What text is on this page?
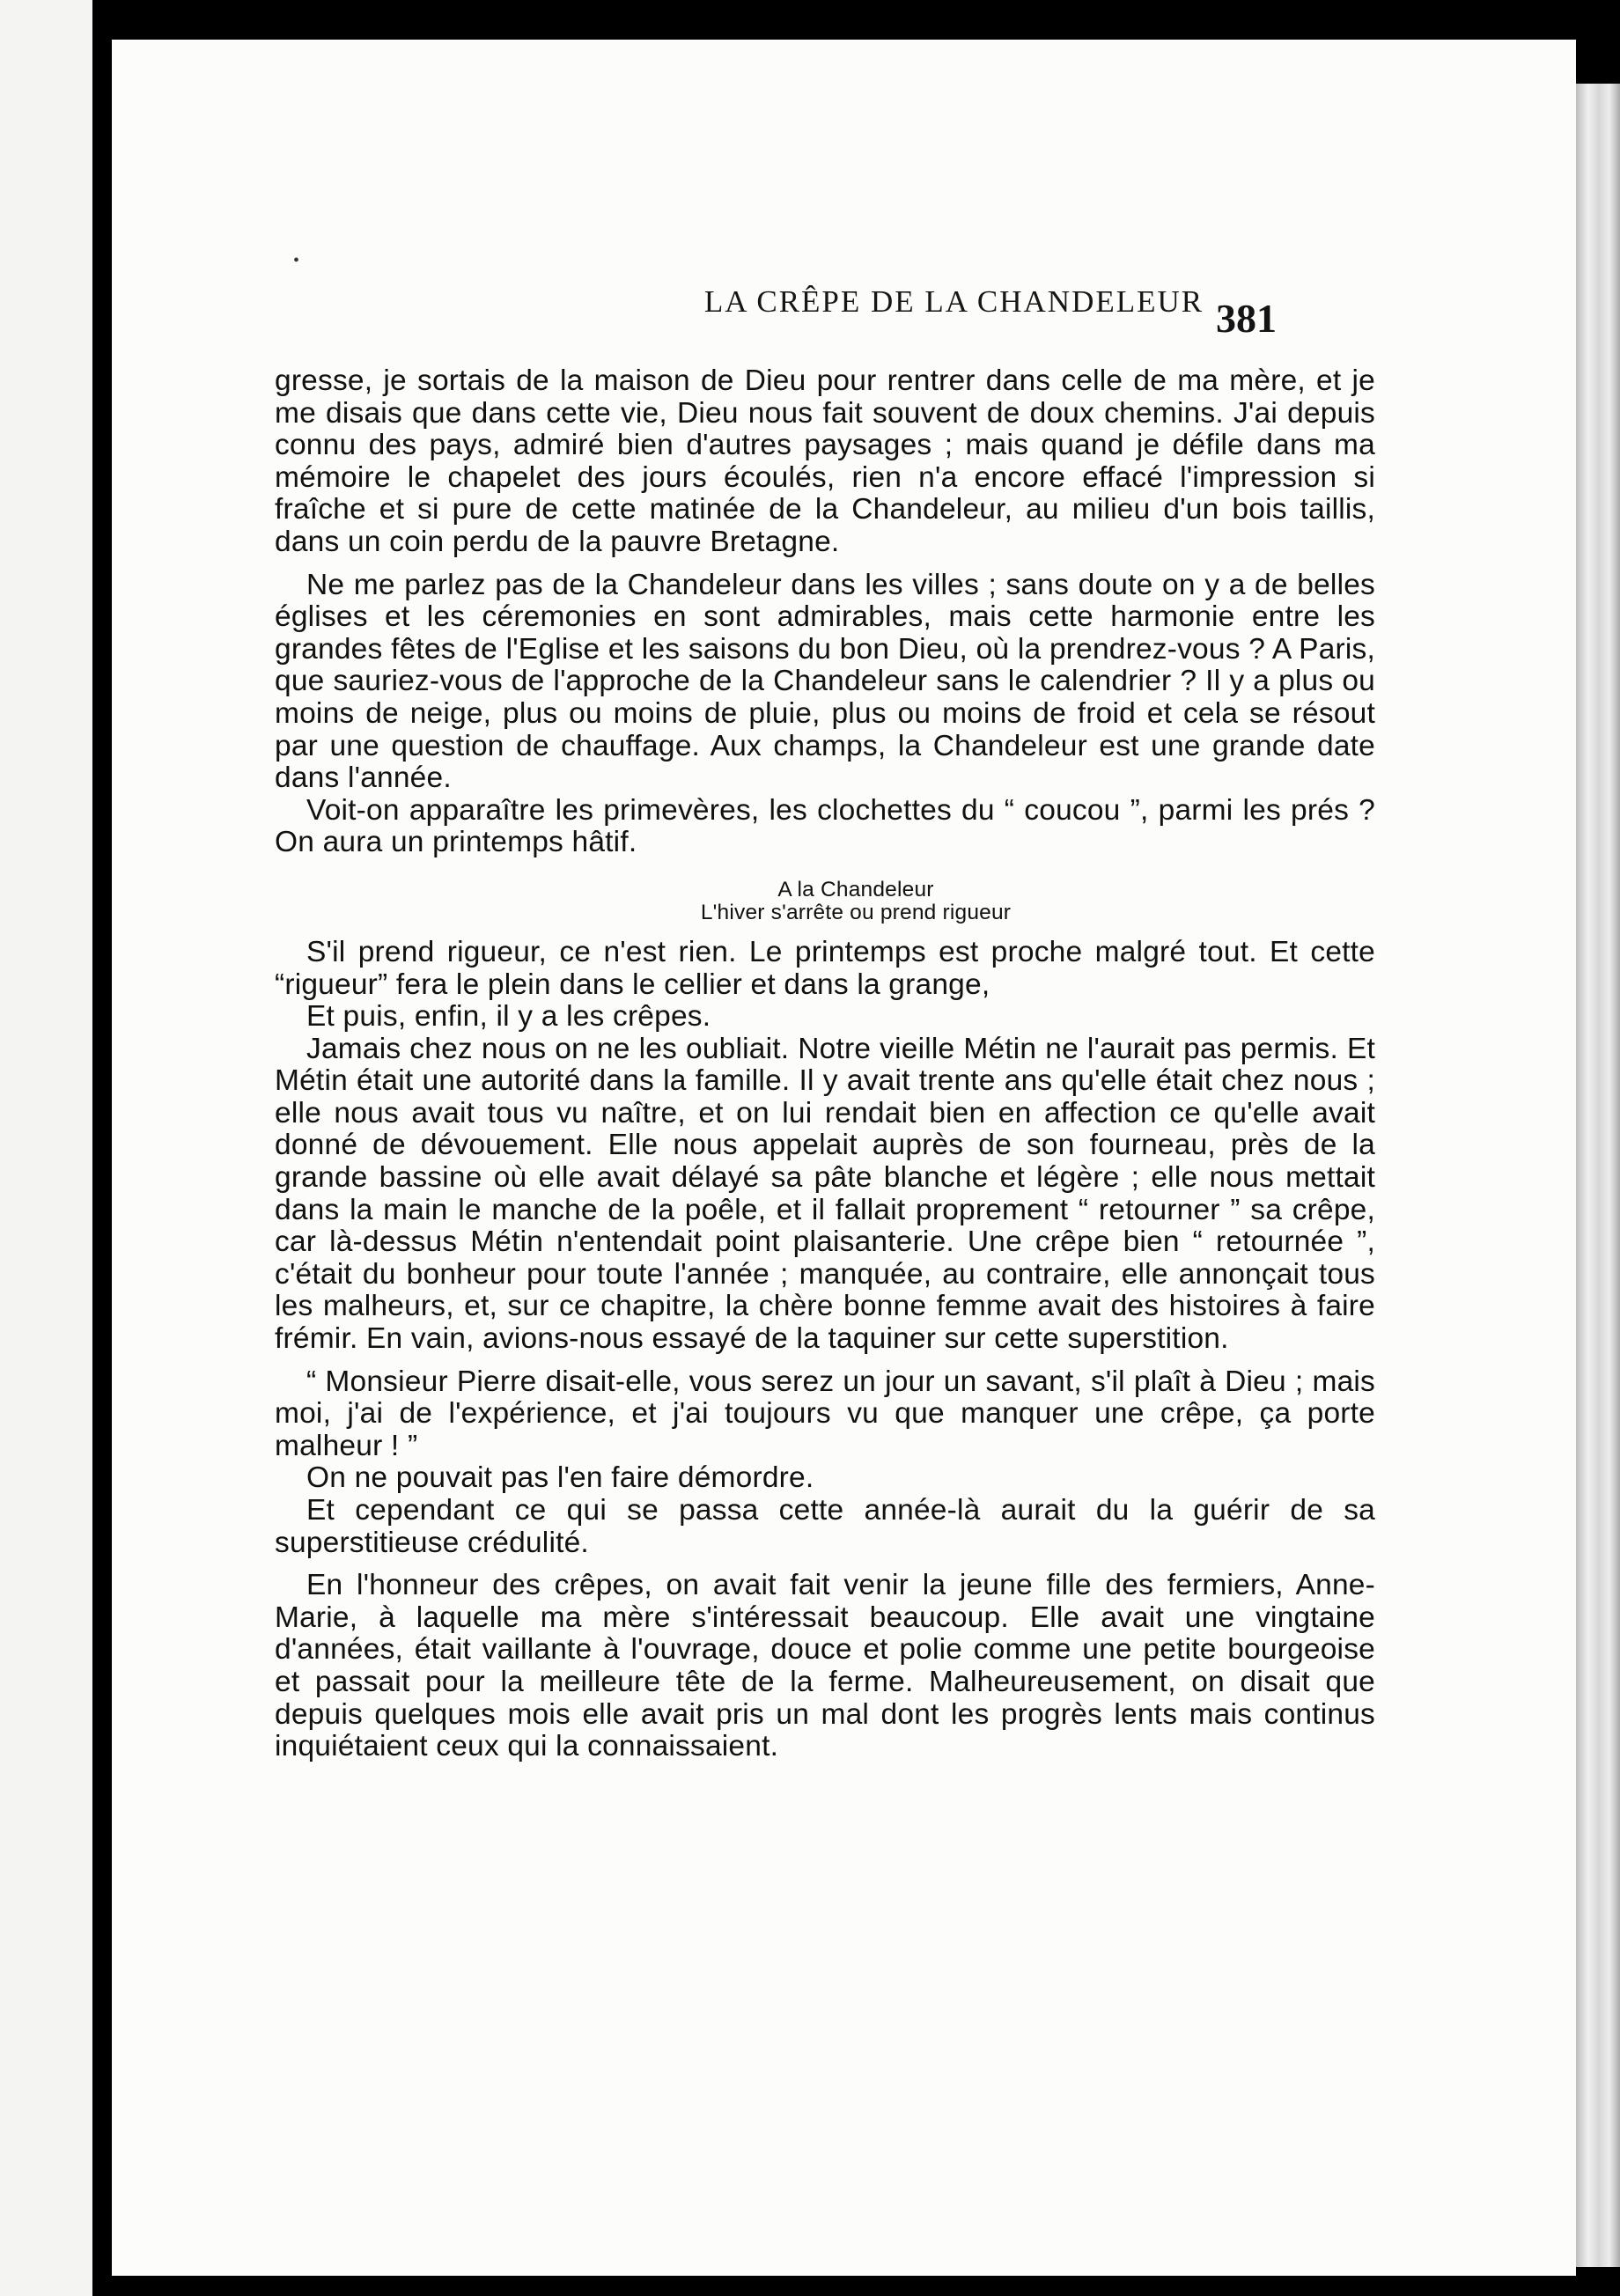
•
LA CRÊPE DE LA CHANDELEUR 381

gresse, je sortais de la maison de Dieu pour rentrer dans celle de ma mère, et je me disais que dans cette vie, Dieu nous fait souvent de doux chemins. J'ai depuis connu des pays, admiré bien d'autres paysages ; mais quand je défile dans ma mémoire le chapelet des jours écoulés, rien n'a encore effacé l'impression si fraîche et si pure de cette matinée de la Chandeleur, au milieu d'un bois taillis, dans un coin perdu de la pauvre Bretagne.

Ne me parlez pas de la Chandeleur dans les villes ; sans doute on y a de belles églises et les céremonies en sont admirables, mais cette harmonie entre les grandes fêtes de l'Eglise et les saisons du bon Dieu, où la prendrez-vous ? A Paris, que sauriez-vous de l'approche de la Chandeleur sans le calendrier ? Il y a plus ou moins de neige, plus ou moins de pluie, plus ou moins de froid et cela se résout par une question de chauffage. Aux champs, la Chandeleur est une grande date dans l'année.

Voit-on apparaître les primevères, les clochettes du “ coucou ”, parmi les prés ? On aura un printemps hâtif.

A la Chandeleur
L'hiver s'arrête ou prend rigueur

S'il prend rigueur, ce n'est rien. Le printemps est proche malgré tout. Et cette “rigueur” fera le plein dans le cellier et dans la grange,

Et puis, enfin, il y a les crêpes.

Jamais chez nous on ne les oubliait. Notre vieille Métin ne l'aurait pas permis. Et Métin était une autorité dans la famille. Il y avait trente ans qu'elle était chez nous ; elle nous avait tous vu naître, et on lui rendait bien en affection ce qu'elle avait donné de dévouement. Elle nous appelait auprès de son fourneau, près de la grande bassine où elle avait délayé sa pâte blanche et légère ; elle nous mettait dans la main le manche de la poêle, et il fallait proprement “ retourner ” sa crêpe, car là-dessus Métin n'entendait point plaisanterie. Une crêpe bien “ retournée ”, c'était du bonheur pour toute l'année ; manquée, au contraire, elle annonçait tous les malheurs, et, sur ce chapitre, la chère bonne femme avait des histoires à faire frémir. En vain, avions-nous essayé de la taquiner sur cette superstition.

“ Monsieur Pierre disait-elle, vous serez un jour un savant, s'il plaît à Dieu ; mais moi, j'ai de l'expérience, et j'ai toujours vu que manquer une crêpe, ça porte malheur ! ”

On ne pouvait pas l'en faire démordre.

Et cependant ce qui se passa cette année-là aurait du la guérir de sa superstitieuse crédulité.

En l'honneur des crêpes, on avait fait venir la jeune fille des fermiers, Anne-Marie, à laquelle ma mère s'intéressait beaucoup. Elle avait une vingtaine d'années, était vaillante à l'ouvrage, douce et polie comme une petite bourgeoise et passait pour la meilleure tête de la ferme. Malheureusement, on disait que depuis quelques mois elle avait pris un mal dont les progrès lents mais continus inquiétaient ceux qui la connaissaient.
